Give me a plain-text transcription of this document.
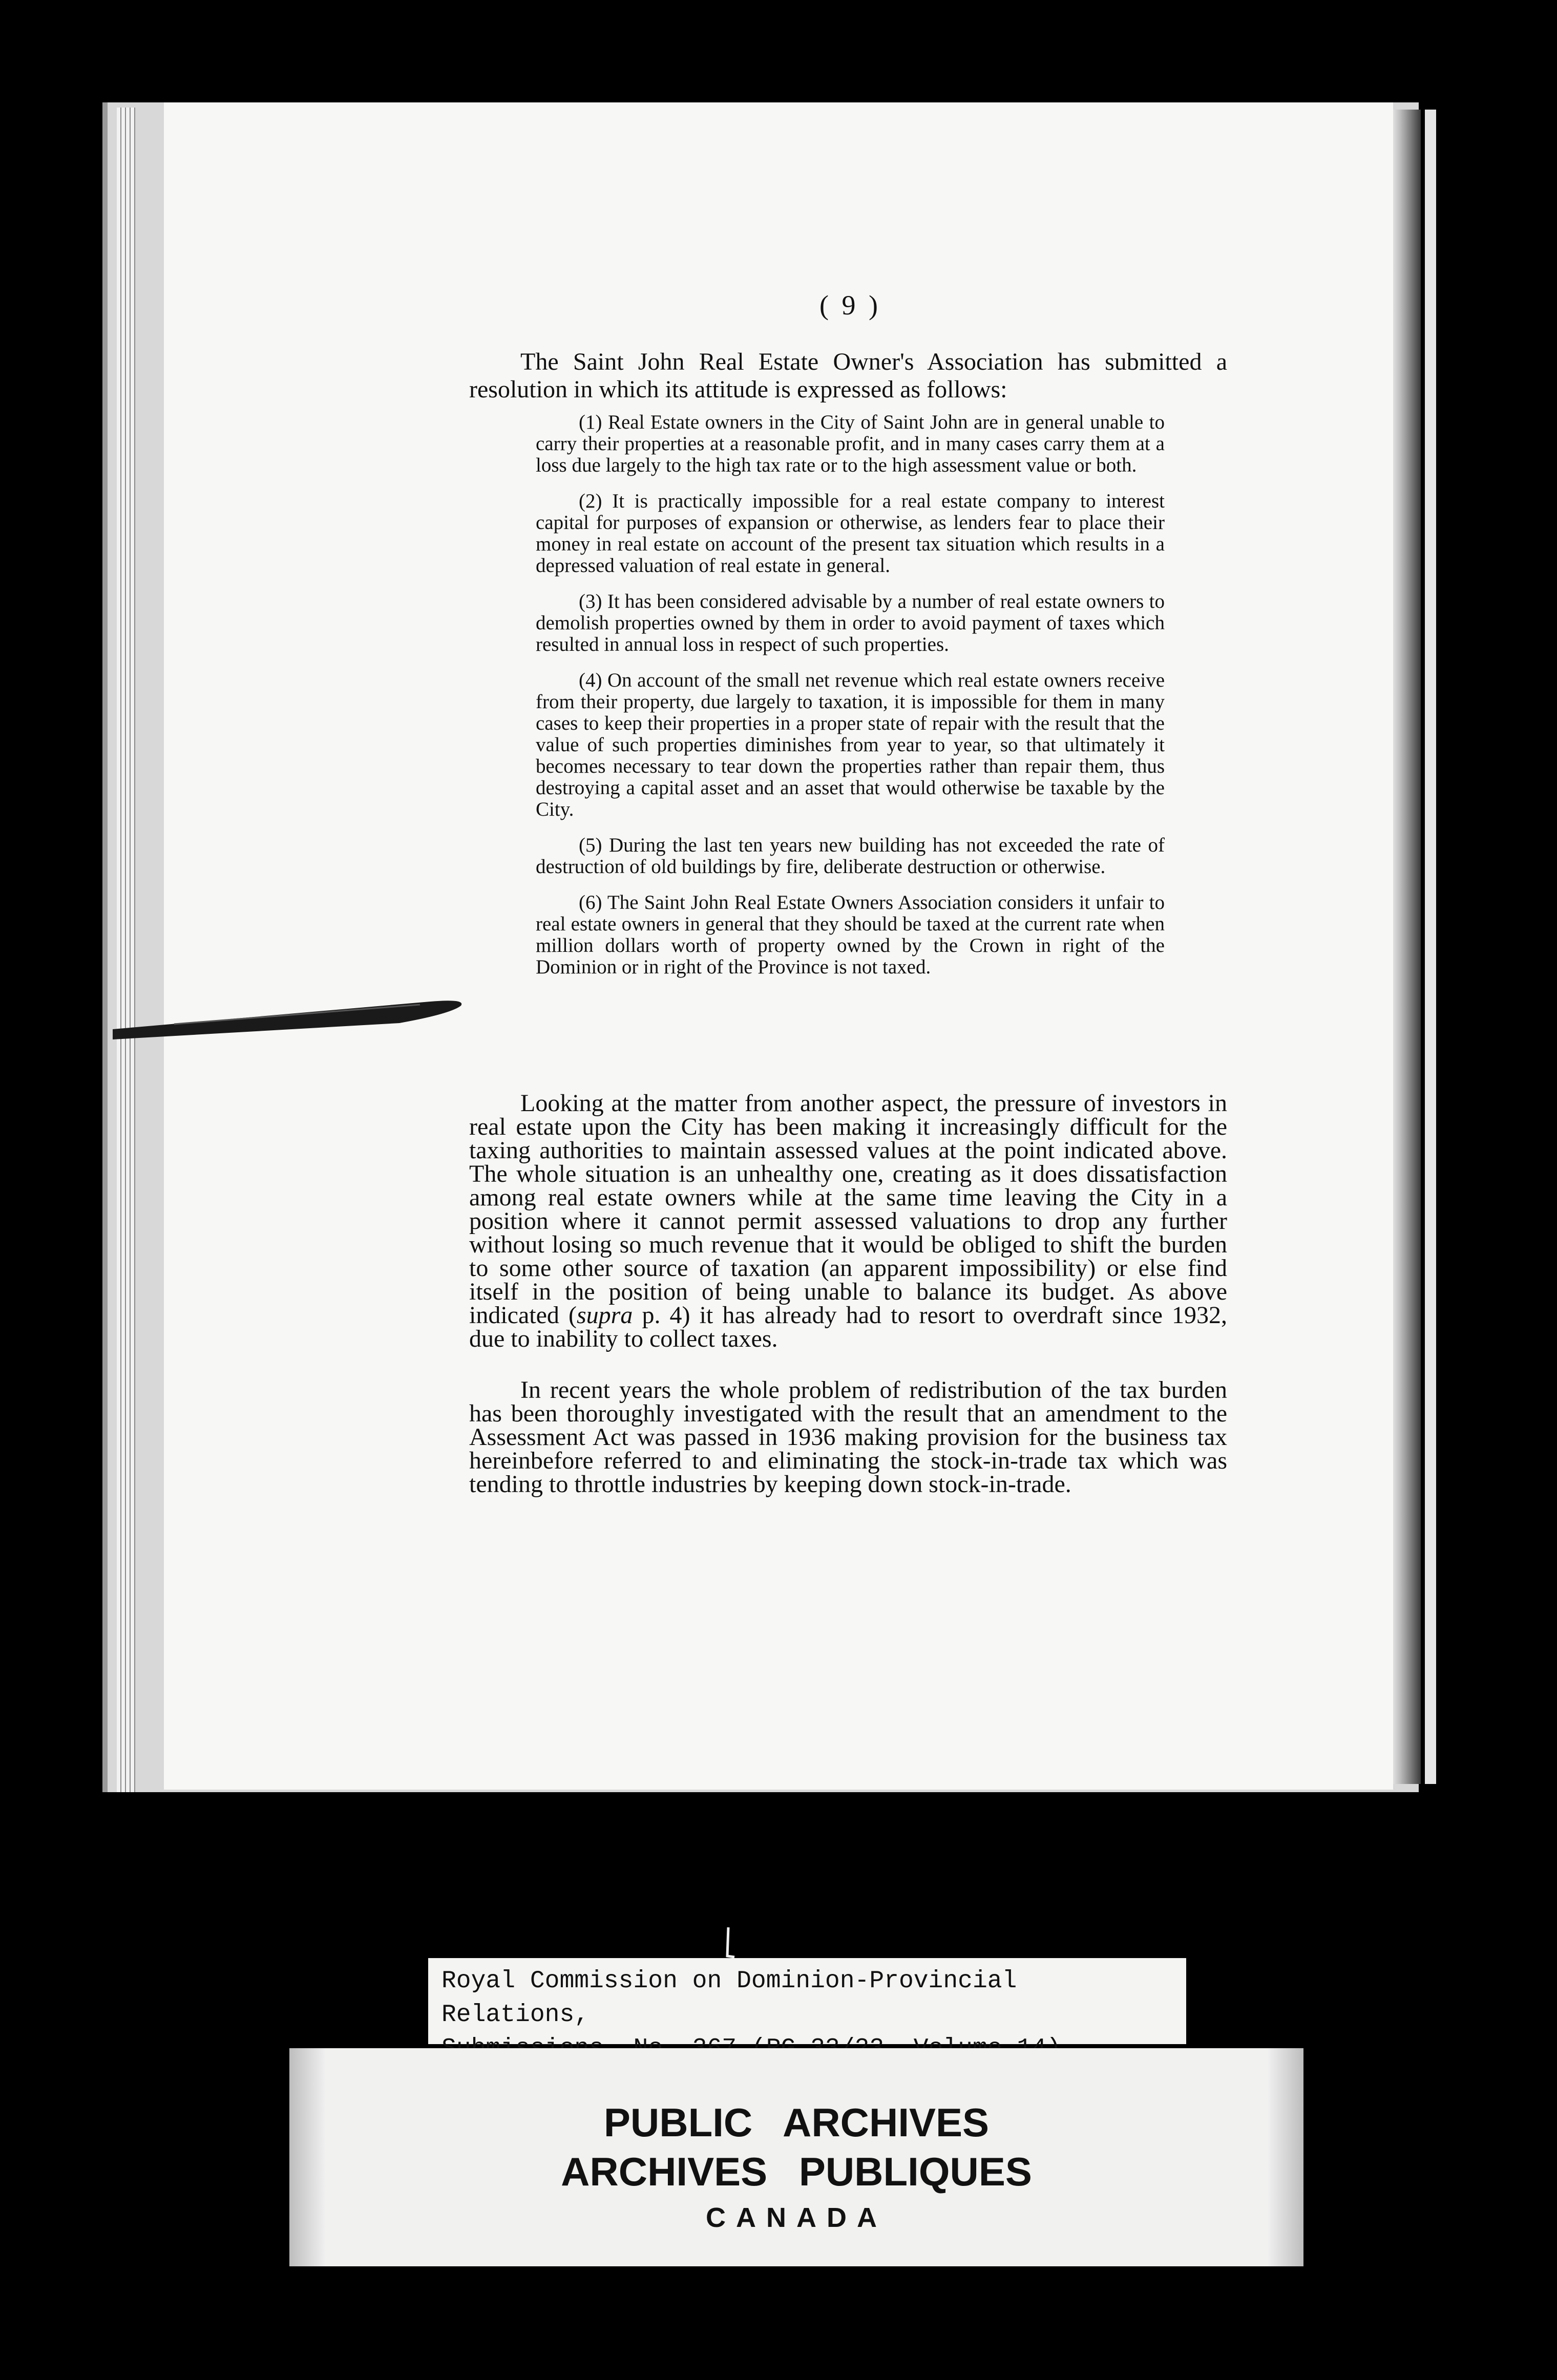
( 9 )

The Saint John Real Estate Owner's Association has submitted a resolution in which its attitude is expressed as follows:

(1) Real Estate owners in the City of Saint John are in general unable to carry their properties at a reasonable profit, and in many cases carry them at a loss due largely to the high tax rate or to the high assessment value or both.

(2) It is practically impossible for a real estate company to interest capital for purposes of expansion or otherwise, as lenders fear to place their money in real estate on account of the present tax situation which results in a depressed valuation of real estate in general.

(3) It has been considered advisable by a number of real estate owners to demolish properties owned by them in order to avoid payment of taxes which resulted in annual loss in respect of such properties.

(4) On account of the small net revenue which real estate owners receive from their property, due largely to taxation, it is impossible for them in many cases to keep their properties in a proper state of repair with the result that the value of such properties diminishes from year to year, so that ultimately it becomes necessary to tear down the properties rather than repair them, thus destroying a capital asset and an asset that would otherwise be taxable by the City.

(5) During the last ten years new building has not exceeded the rate of destruction of old buildings by fire, deliberate destruction or otherwise.

(6) The Saint John Real Estate Owners Association considers it unfair to real estate owners in general that they should be taxed at the current rate when million dollars worth of property owned by the Crown in right of the Dominion or in right of the Province is not taxed.

Looking at the matter from another aspect, the pressure of investors in real estate upon the City has been making it increasingly difficult for the taxing authorities to maintain assessed values at the point indicated above. The whole situation is an unhealthy one, creating as it does dissatisfaction among real estate owners while at the same time leaving the City in a position where it cannot permit assessed valuations to drop any further without losing so much revenue that it would be obliged to shift the burden to some other source of taxation (an apparent impossibility) or else find itself in the position of being unable to balance its budget. As above indicated (supra p. 4) it has already had to resort to overdraft since 1932, due to inability to collect taxes.

In recent years the whole problem of redistribution of the tax burden has been thoroughly investigated with the result that an amendment to the Assessment Act was passed in 1936 making provision for the business tax hereinbefore referred to and eliminating the stock-in-trade tax which was tending to throttle industries by keeping down stock-in-trade.

Royal Commission on Dominion-Provincial Relations,
PUBLIC ARCHIVES
ARCHIVES PUBLIQUES
CANADA
